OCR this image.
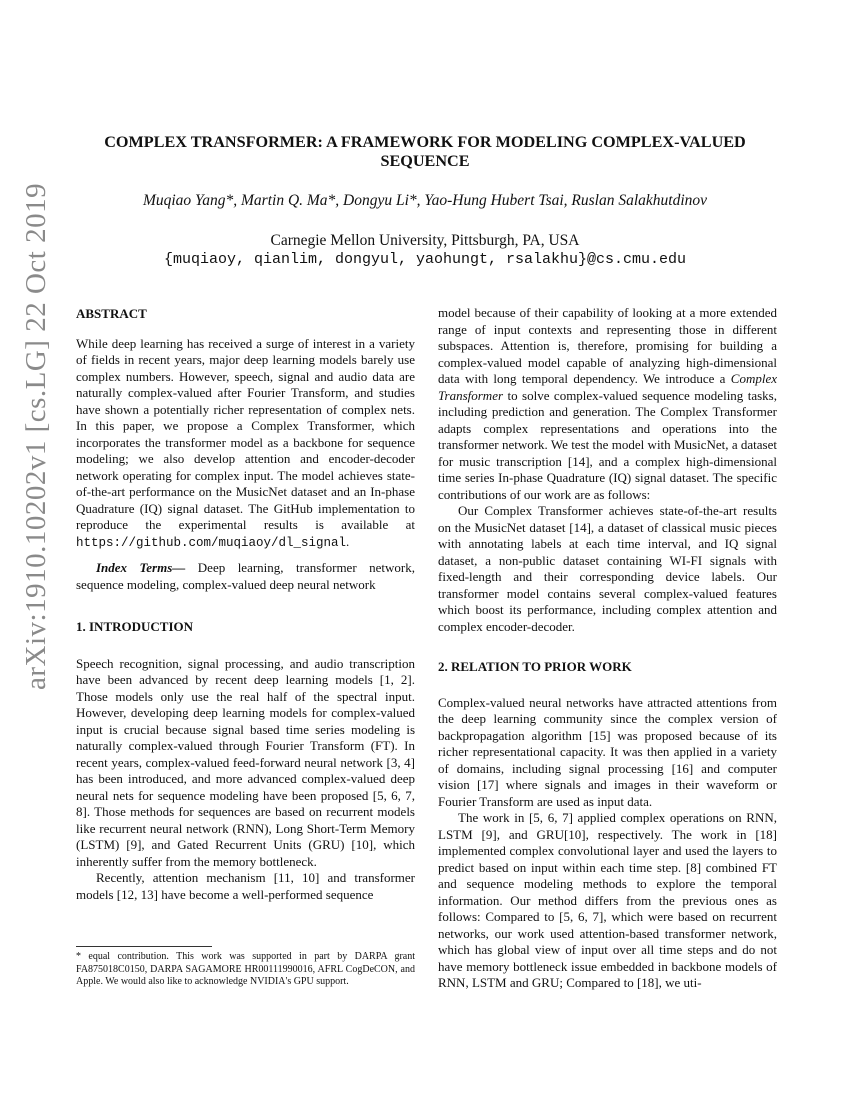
arXiv:1910.10202v1 [cs.LG] 22 Oct 2019
COMPLEX TRANSFORMER: A FRAMEWORK FOR MODELING COMPLEX-VALUED
SEQUENCE
Muqiao Yang*, Martin Q. Ma*, Dongyu Li*, Yao-Hung Hubert Tsai, Ruslan Salakhutdinov
Carnegie Mellon University, Pittsburgh, PA, USA
{muqiaoy, qianlim, dongyul, yaohungt, rsalakhu}@cs.cmu.edu

ABSTRACT

While deep learning has received a surge of interest in a variety of fields in recent years, major deep learning models barely use complex numbers. However, speech, signal and audio data are naturally complex-valued after Fourier Transform, and studies have shown a potentially richer representation of complex nets. In this paper, we propose a Complex Transformer, which incorporates the transformer model as a backbone for sequence modeling; we also develop attention and encoder-decoder network operating for complex input. The model achieves state-of-the-art performance on the MusicNet dataset and an In-phase Quadrature (IQ) signal dataset. The GitHub implementation to reproduce the experimental results is available at https://github.com/muqiaoy/dl_signal.

Index Terms— Deep learning, transformer network, sequence modeling, complex-valued deep neural network

1. INTRODUCTION

Speech recognition, signal processing, and audio transcription have been advanced by recent deep learning models [1, 2]. Those models only use the real half of the spectral input. However, developing deep learning models for complex-valued input is crucial because signal based time series modeling is naturally complex-valued through Fourier Transform (FT). In recent years, complex-valued feed-forward neural network [3, 4] has been introduced, and more advanced complex-valued deep neural nets for sequence modeling have been proposed [5, 6, 7, 8]. Those methods for sequences are based on recurrent models like recurrent neural network (RNN), Long Short-Term Memory (LSTM) [9], and Gated Recurrent Units (GRU) [10], which inherently suffer from the memory bottleneck.

Recently, attention mechanism [11, 10] and transformer models [12, 13] have become a well-performed sequence

* equal contribution. This work was supported in part by DARPA grant FA875018C0150, DARPA SAGAMORE HR00111990016, AFRL CogDeCON, and Apple. We would also like to acknowledge NVIDIA's GPU support.

model because of their capability of looking at a more extended range of input contexts and representing those in different subspaces. Attention is, therefore, promising for building a complex-valued model capable of analyzing high-dimensional data with long temporal dependency. We introduce a Complex Transformer to solve complex-valued sequence modeling tasks, including prediction and generation. The Complex Transformer adapts complex representations and operations into the transformer network. We test the model with MusicNet, a dataset for music transcription [14], and a complex high-dimensional time series In-phase Quadrature (IQ) signal dataset. The specific contributions of our work are as follows:

Our Complex Transformer achieves state-of-the-art results on the MusicNet dataset [14], a dataset of classical music pieces with annotating labels at each time interval, and IQ signal dataset, a non-public dataset containing WI-FI signals with fixed-length and their corresponding device labels. Our transformer model contains several complex-valued features which boost its performance, including complex attention and complex encoder-decoder.

2. RELATION TO PRIOR WORK

Complex-valued neural networks have attracted attentions from the deep learning community since the complex version of backpropagation algorithm [15] was proposed because of its richer representational capacity. It was then applied in a variety of domains, including signal processing [16] and computer vision [17] where signals and images in their waveform or Fourier Transform are used as input data.

The work in [5, 6, 7] applied complex operations on RNN, LSTM [9], and GRU[10], respectively. The work in [18] implemented complex convolutional layer and used the layers to predict based on input within each time step. [8] combined FT and sequence modeling methods to explore the temporal information. Our method differs from the previous ones as follows: Compared to [5, 6, 7], which were based on recurrent networks, our work used attention-based transformer network, which has global view of input over all time steps and do not have memory bottleneck issue embedded in backbone models of RNN, LSTM and GRU; Compared to [18], we uti-
